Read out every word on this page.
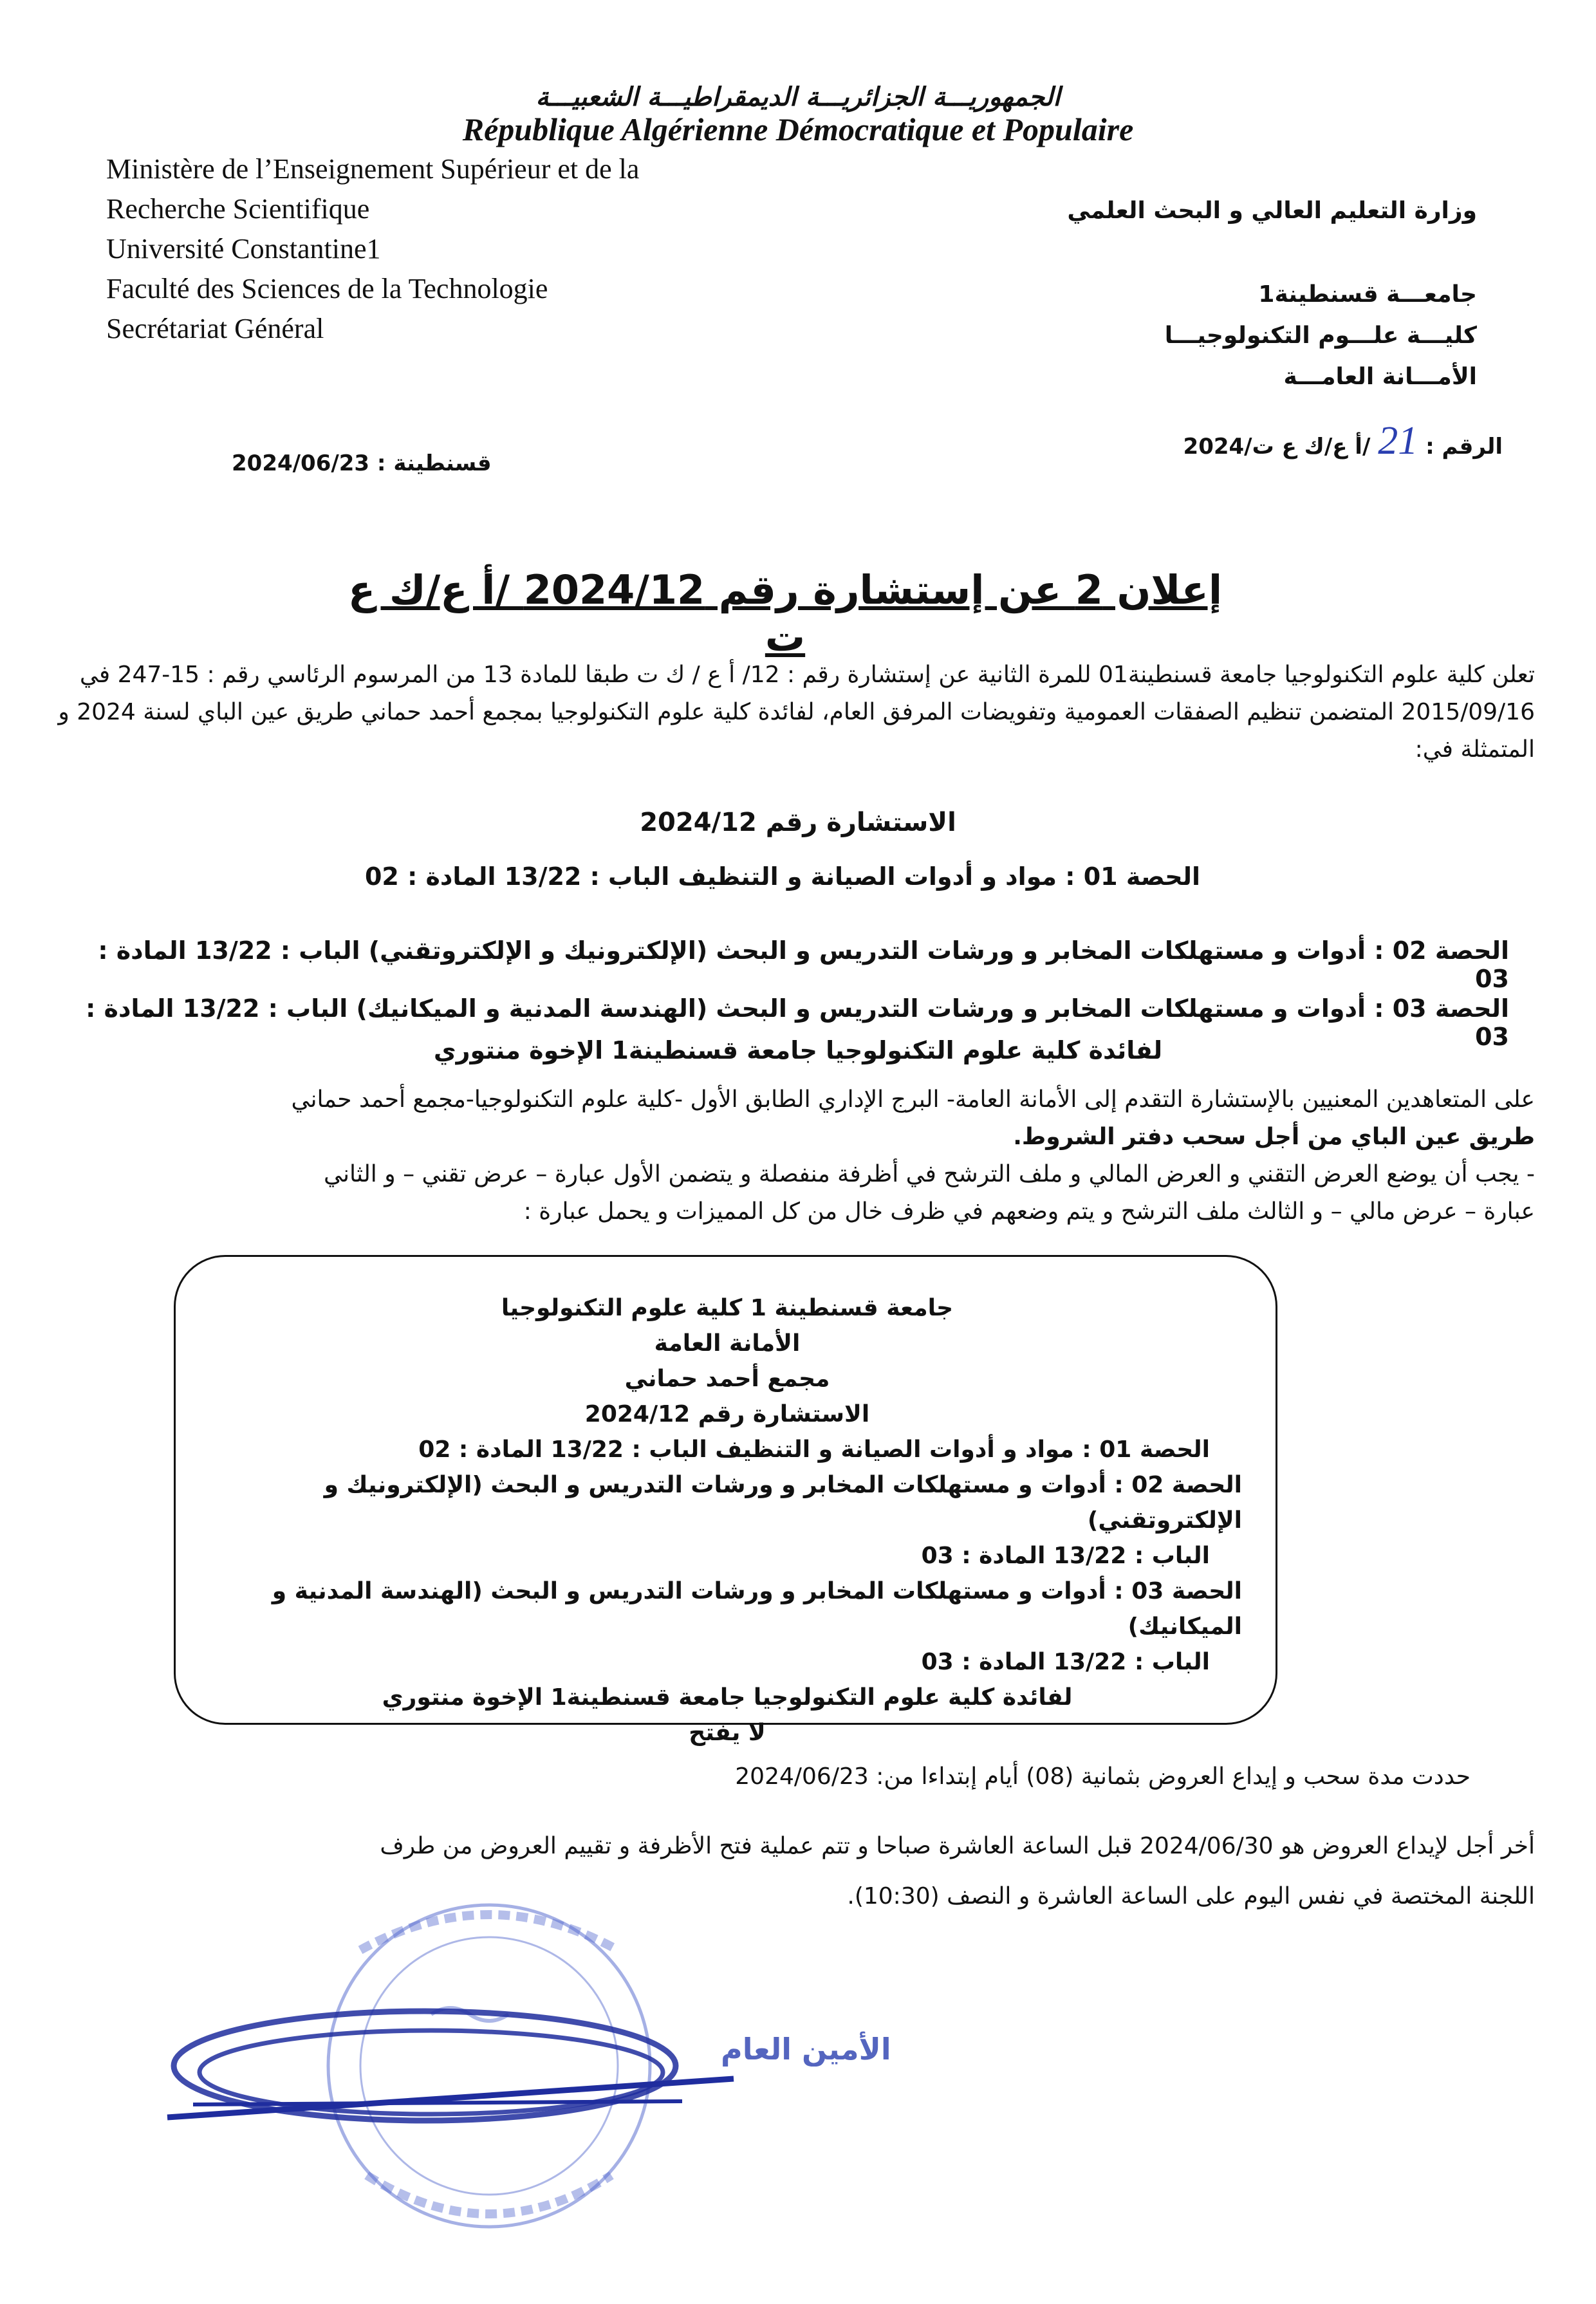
الجمهوريـــة الجزائريـــة الديمقراطيـــة الشعبيـــة
République Algérienne Démocratique et Populaire
Ministère de l’Enseignement Supérieur et de la
Recherche Scientifique
Université Constantine1
Faculté des Sciences de la Technologie
Secrétariat Général
وزارة التعليم العالي و البحث العلمي
جامعـــة قسنطينة1
كليـــة علـــوم التكنولوجيـــا
الأمـــانة العامـــة
الرقم : 21 /أ ع/ك ع ت/2024
قسنطينة : 2024/06/23
إعلان 2 عن إستشارة رقم 2024/12 /أ ع/ك ع ت
تعلن كلية علوم التكنولوجيا جامعة قسنطينة01 للمرة الثانية عن إستشارة رقم : 12/ أ ع / ك ت طبقا للمادة 13 من المرسوم الرئاسي رقم : 15-247 في 2015/09/16 المتضمن تنظيم الصفقات العمومية وتفويضات المرفق العام، لفائدة كلية علوم التكنولوجيا بمجمع أحمد حماني طريق عين الباي لسنة 2024 و المتمثلة في:
الاستشارة رقم 2024/12
الحصة 01 : مواد و أدوات الصيانة و التنظيف الباب : 13/22 المادة : 02
الحصة 02 : أدوات و مستهلكات المخابر و ورشات التدريس و البحث (الإلكترونيك و الإلكتروتقني) الباب : 13/22 المادة : 03
الحصة 03 : أدوات و مستهلكات المخابر و ورشات التدريس و البحث (الهندسة المدنية و الميكانيك) الباب : 13/22 المادة : 03
لفائدة كلية علوم التكنولوجيا جامعة قسنطينة1 الإخوة منتوري
على المتعاهدين المعنيين بالإستشارة التقدم إلى الأمانة العامة- البرج الإداري الطابق الأول -كلية علوم التكنولوجيا-مجمع أحمد حماني
طريق عين الباي من أجل سحب دفتر الشروط.
- يجب أن يوضع العرض التقني و العرض المالي و ملف الترشح في أظرفة منفصلة و يتضمن الأول عبارة – عرض تقني – و الثاني
عبارة – عرض مالي – و الثالث ملف الترشح و يتم وضعهم في ظرف خال من كل المميزات و يحمل عبارة :
جامعة قسنطينة 1 كلية علوم التكنولوجيا
الأمانة العامة
مجمع أحمد حماني
الاستشارة رقم 2024/12
الحصة 01 : مواد و أدوات الصيانة و التنظيف الباب : 13/22 المادة : 02
الحصة 02 : أدوات و مستهلكات المخابر و ورشات التدريس و البحث (الإلكترونيك و الإلكتروتقني)
الباب : 13/22 المادة : 03
الحصة 03 : أدوات و مستهلكات المخابر و ورشات التدريس و البحث (الهندسة المدنية و الميكانيك)
الباب : 13/22 المادة : 03
لفائدة كلية علوم التكنولوجيا جامعة قسنطينة1 الإخوة منتوري
لا يفتح
حددت مدة سحب و إيداع العروض بثمانية (08) أيام إبتداءا من: 2024/06/23
أخر أجل لإيداع العروض هو 2024/06/30 قبل الساعة العاشرة صباحا و تتم عملية فتح الأظرفة و تقييم العروض من طرف
اللجنة المختصة في نفس اليوم على الساعة العاشرة و النصف (10:30).
الأمين العام
